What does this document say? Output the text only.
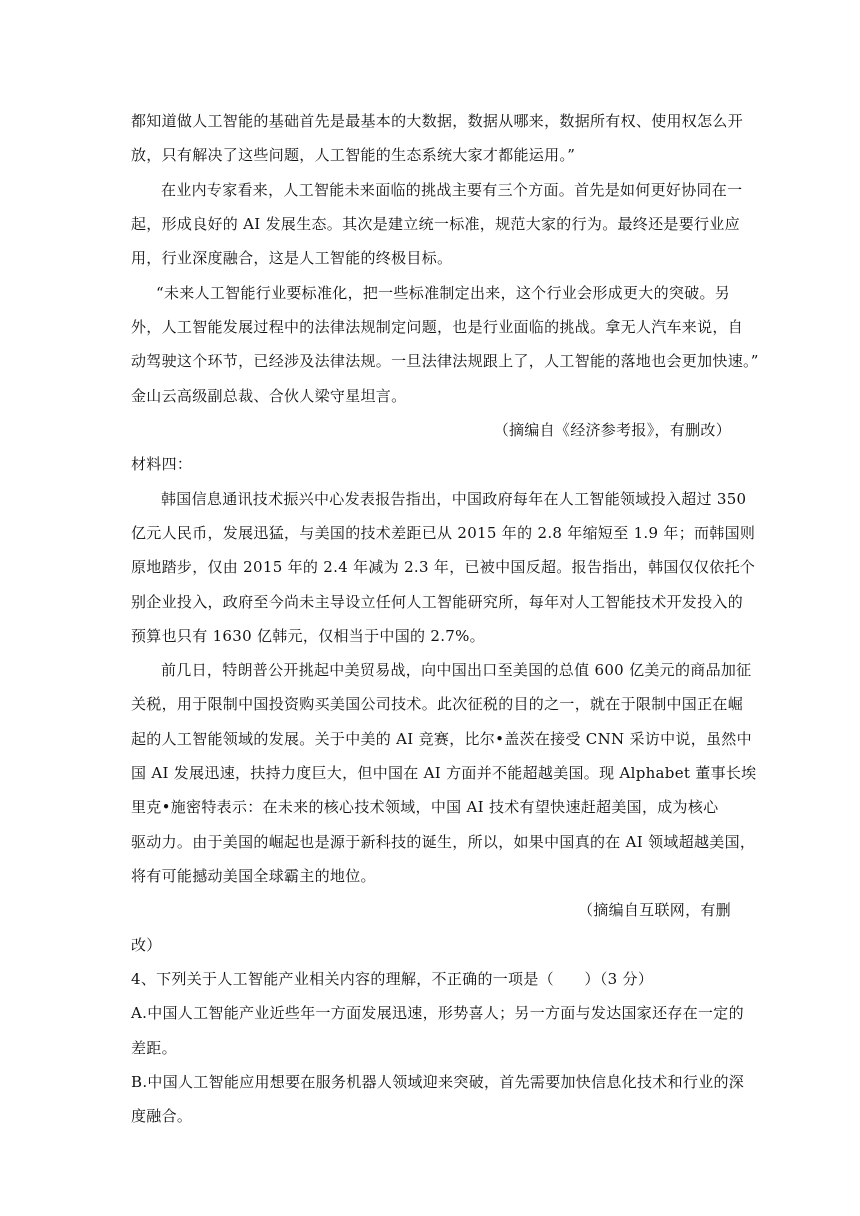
都知道做人工智能的基础首先是最基本的大数据，数据从哪来，数据所有权、使用权怎么开
放，只有解决了这些问题，人工智能的生态系统大家才都能运用。”
在业内专家看来，人工智能未来面临的挑战主要有三个方面。首先是如何更好协同在一
起，形成良好的 AI 发展生态。其次是建立统一标准，规范大家的行为。最终还是要行业应
用，行业深度融合，这是人工智能的终极目标。
“未来人工智能行业要标准化，把一些标准制定出来，这个行业会形成更大的突破。另
外，人工智能发展过程中的法律法规制定问题，也是行业面临的挑战。拿无人汽车来说，自
动驾驶这个环节，已经涉及法律法规。一旦法律法规跟上了，人工智能的落地也会更加快速。”
金山云高级副总裁、合伙人梁守星坦言。
（摘编自《经济参考报》，有删改）
材料四：
韩国信息通讯技术振兴中心发表报告指出，中国政府每年在人工智能领域投入超过 350
亿元人民币，发展迅猛，与美国的技术差距已从 2015 年的 2.8 年缩短至 1.9 年；而韩国则
原地踏步，仅由 2015 年的 2.4 年减为 2.3 年，已被中国反超。报告指出，韩国仅仅依托个
别企业投入，政府至今尚未主导设立任何人工智能研究所，每年对人工智能技术开发投入的
预算也只有 1630 亿韩元，仅相当于中国的 2.7%。
前几日，特朗普公开挑起中美贸易战，向中国出口至美国的总值 600 亿美元的商品加征
关税，用于限制中国投资购买美国公司技术。此次征税的目的之一，就在于限制中国正在崛
起的人工智能领域的发展。关于中美的 AI 竞赛，比尔•盖茨在接受 CNN 采访中说，虽然中
国 AI 发展迅速，扶持力度巨大，但中国在 AI 方面并不能超越美国。现 Alphabet 董事长埃
里克•施密特表示：在未来的核心技术领域，中国 AI 技术有望快速赶超美国，成为核心
驱动力。由于美国的崛起也是源于新科技的诞生，所以，如果中国真的在 AI 领域超越美国，
将有可能撼动美国全球霸主的地位。
（摘编自互联网，有删
改）
4、下列关于人工智能产业相关内容的理解，不正确的一项是（　　）（3 分）
A.中国人工智能产业近些年一方面发展迅速，形势喜人；另一方面与发达国家还存在一定的
差距。
B.中国人工智能应用想要在服务机器人领域迎来突破，首先需要加快信息化技术和行业的深
度融合。
